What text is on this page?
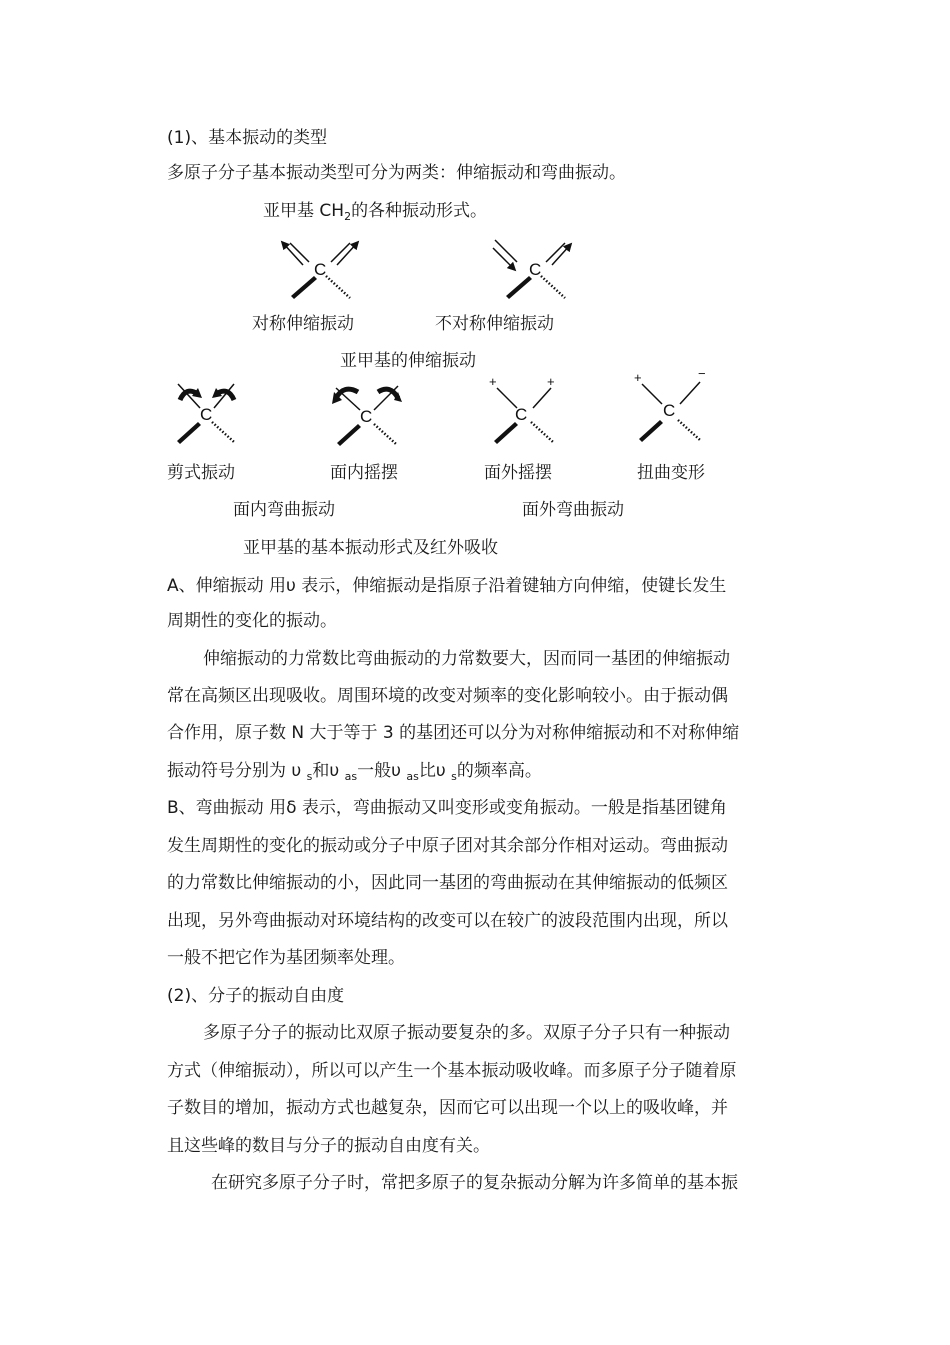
(1)、基本振动的类型
多原子分子基本振动类型可分为两类：伸缩振动和弯曲振动。
亚甲基 $CH_2$的各种振动形式。
C	C
对称伸缩振动	不对称伸缩振动
亚甲基的伸缩振动
C	C
+	+
C
+	−
C
剪式振动	面内摇摆	面外摇摆	扭曲变形
面内弯曲振动	面外弯曲振动
亚甲基的基本振动形式及红外吸收
A、伸缩振动 用υ 表示，伸缩振动是指原子沿着键轴方向伸缩，使键长发生
周期性的变化的振动。
伸缩振动的力常数比弯曲振动的力常数要大，因而同一基团的伸缩振动
常在高频区出现吸收。周围环境的改变对频率的变化影响较小。由于振动偶
合作用，原子数 N 大于等于 3 的基团还可以分为对称伸缩振动和不对称伸缩
振动符号分别为 υ $_s$和υ $_{as}$一般υ $_{as}$比υ $_s$的频率高。
B、弯曲振动 用δ 表示，弯曲振动又叫变形或变角振动。一般是指基团键角
发生周期性的变化的振动或分子中原子团对其余部分作相对运动。弯曲振动
的力常数比伸缩振动的小，因此同一基团的弯曲振动在其伸缩振动的低频区
出现，另外弯曲振动对环境结构的改变可以在较广的波段范围内出现，所以
一般不把它作为基团频率处理。
(2)、分子的振动自由度
多原子分子的振动比双原子振动要复杂的多。双原子分子只有一种振动
方式（伸缩振动），所以可以产生一个基本振动吸收峰。而多原子分子随着原
子数目的增加，振动方式也越复杂，因而它可以出现一个以上的吸收峰，并
且这些峰的数目与分子的振动自由度有关。
在研究多原子分子时，常把多原子的复杂振动分解为许多简单的基本振
